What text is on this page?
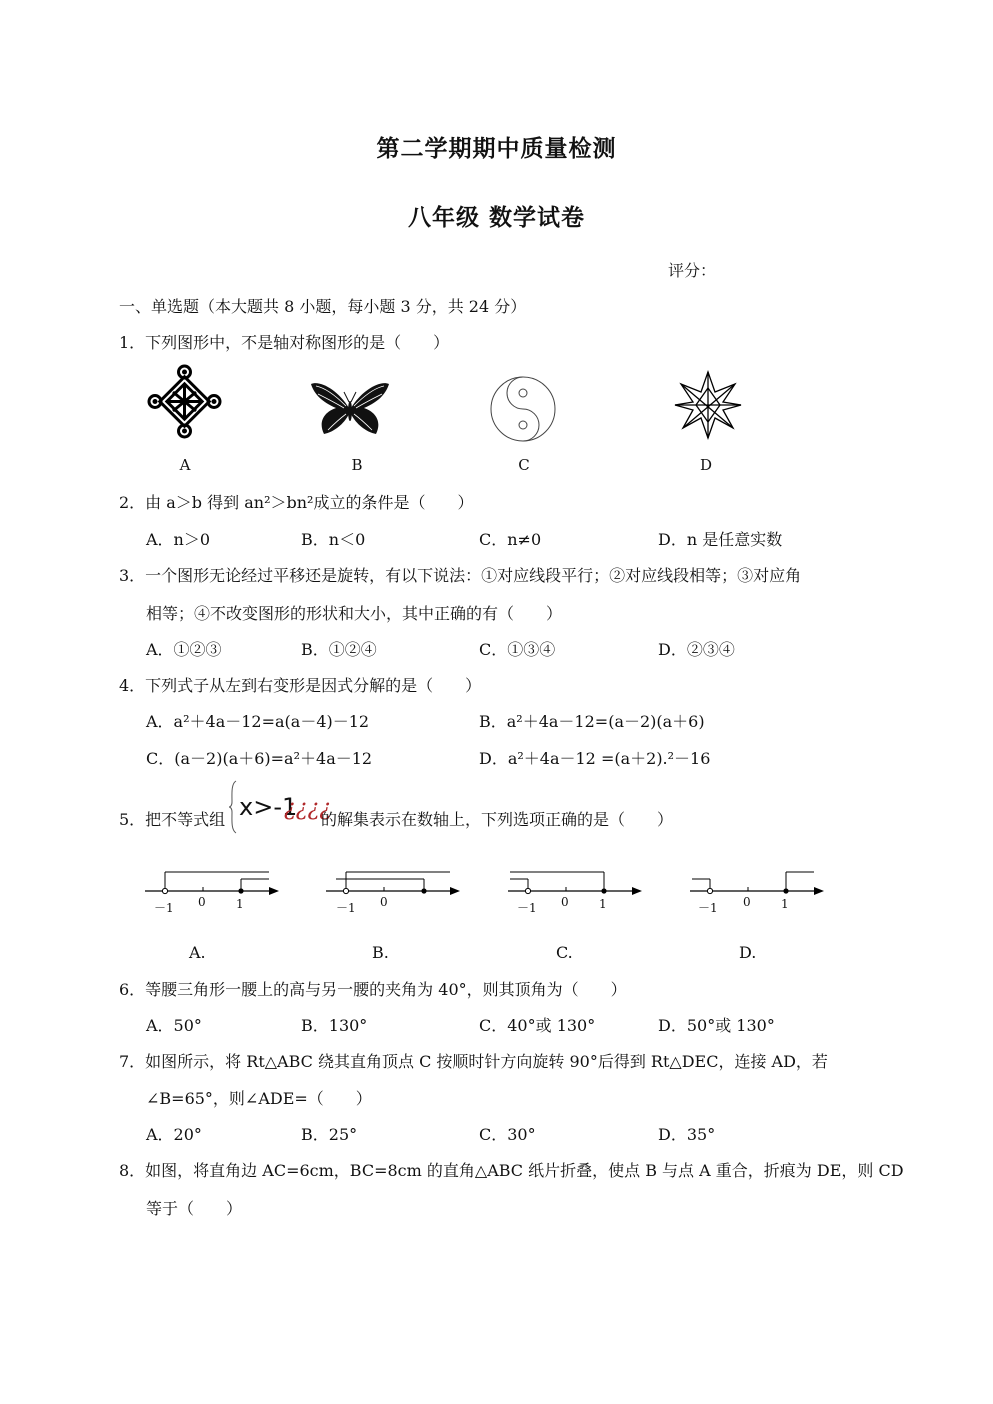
第二学期期中质量检测
八年级 数学试卷
评分：
一、单选题（本大题共 8 小题，每小题 3 分，共 24 分）
1．下列图形中，不是轴对称图形的是（　　）
A	B	C	D
2．由 a＞b 得到 an²＞bn²成立的条件是（　　）
A．n＞0	B．n＜0	C．n≠0	D．n 是任意实数
3．一个图形无论经过平移还是旋转，有以下说法：①对应线段平行；②对应线段相等；③对应角
相等；④不改变图形的形状和大小，其中正确的有（　　）
A．①②③	B．①②④	C．①③④	D．②③④
4．下列式子从左到右变形是因式分解的是（　　）
A．a²＋4a－12=a(a－4)－12	B．a²＋4a－12=(a－2)(a＋6)
C．(a－2)(a＋6)=a²＋4a－12	D．a²＋4a－12 =(a＋2).²－16
5．把不等式组 x>-1
¿¿¿¿
的解集表示在数轴上，下列选项正确的是（　　）
－1 0	1	－1 0	－1 0	1	－1 0	1
A.	B.	C.	D.
6．等腰三角形一腰上的高与另一腰的夹角为 40°，则其顶角为（　　）
A．50°	B．130°	C．40°或 130°	D．50°或 130°
7．如图所示，将 Rt△ABC 绕其直角顶点 C 按顺时针方向旋转 90°后得到 Rt△DEC，连接 AD，若
∠B=65°，则∠ADE=（　　）
A．20°	B．25°	C．30°	D．35°
8．如图，将直角边 AC=6cm，BC=8cm 的直角△ABC 纸片折叠，使点 B 与点 A 重合，折痕为 DE，则 CD
等于（　　）
